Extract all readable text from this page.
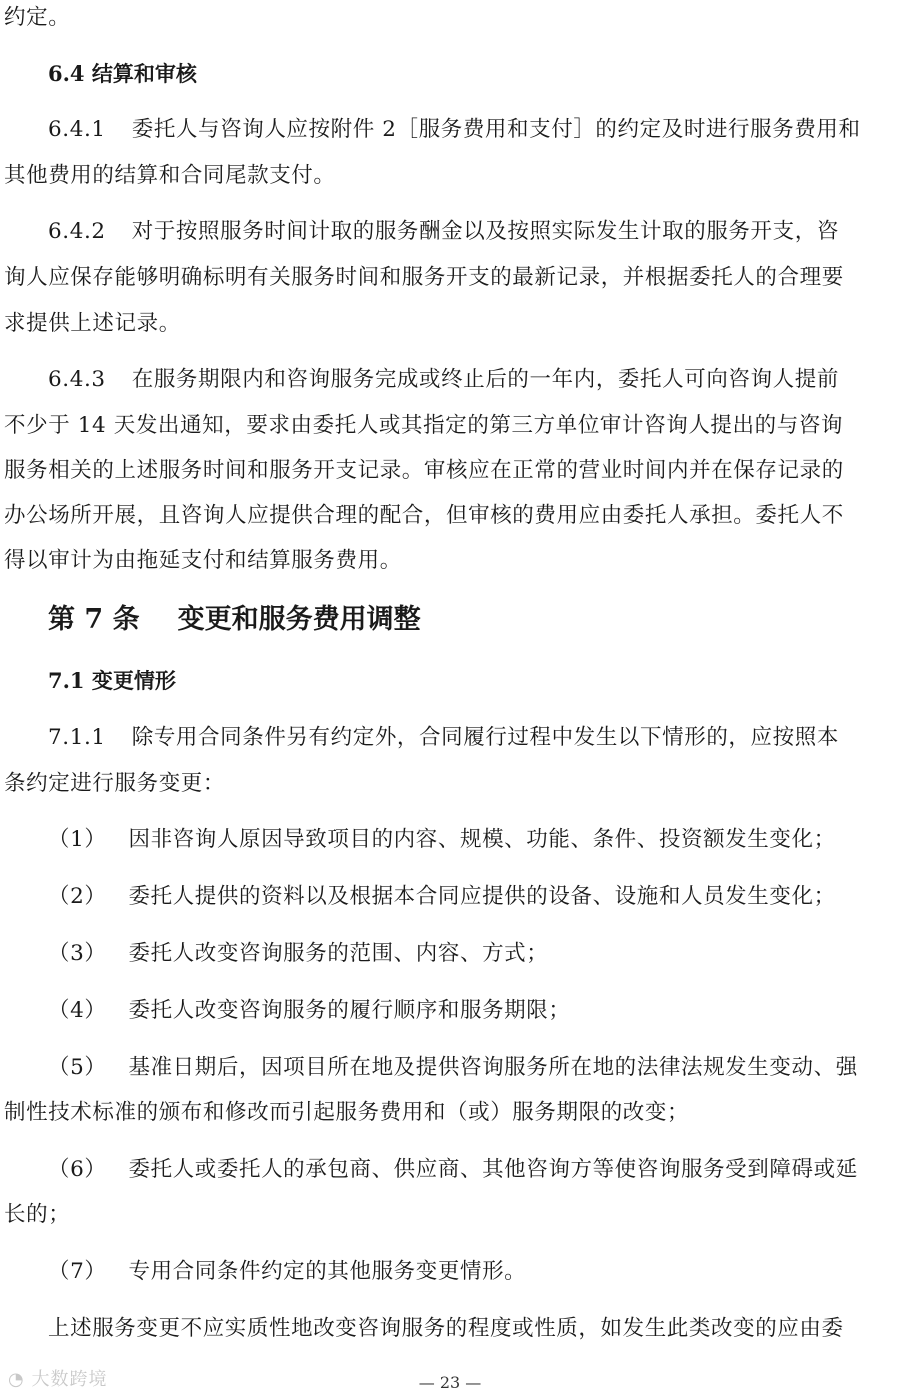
约定。
6.4 结算和审核
6.4.1 委托人与咨询人应按附件 2［服务费用和支付］的约定及时进行服务费用和
其他费用的结算和合同尾款支付。
6.4.2 对于按照服务时间计取的服务酬金以及按照实际发生计取的服务开支，咨
询人应保存能够明确标明有关服务时间和服务开支的最新记录，并根据委托人的合理要
求提供上述记录。
6.4.3 在服务期限内和咨询服务完成或终止后的一年内，委托人可向咨询人提前
不少于 14 天发出通知，要求由委托人或其指定的第三方单位审计咨询人提出的与咨询
服务相关的上述服务时间和服务开支记录。审核应在正常的营业时间内并在保存记录的
办公场所开展，且咨询人应提供合理的配合，但审核的费用应由委托人承担。委托人不
得以审计为由拖延支付和结算服务费用。
第 7 条 变更和服务费用调整
7.1 变更情形
7.1.1 除专用合同条件另有约定外，合同履行过程中发生以下情形的，应按照本
条约定进行服务变更：
（1） 因非咨询人原因导致项目的内容、规模、功能、条件、投资额发生变化；
（2） 委托人提供的资料以及根据本合同应提供的设备、设施和人员发生变化；
（3） 委托人改变咨询服务的范围、内容、方式；
（4） 委托人改变咨询服务的履行顺序和服务期限；
（5） 基准日期后，因项目所在地及提供咨询服务所在地的法律法规发生变动、强
制性技术标准的颁布和修改而引起服务费用和（或）服务期限的改变；
（6） 委托人或委托人的承包商、供应商、其他咨询方等使咨询服务受到障碍或延
长的；
（7） 专用合同条件约定的其他服务变更情形。
上述服务变更不应实质性地改变咨询服务的程度或性质，如发生此类改变的应由委
◔ 大数跨境	— 23 —
